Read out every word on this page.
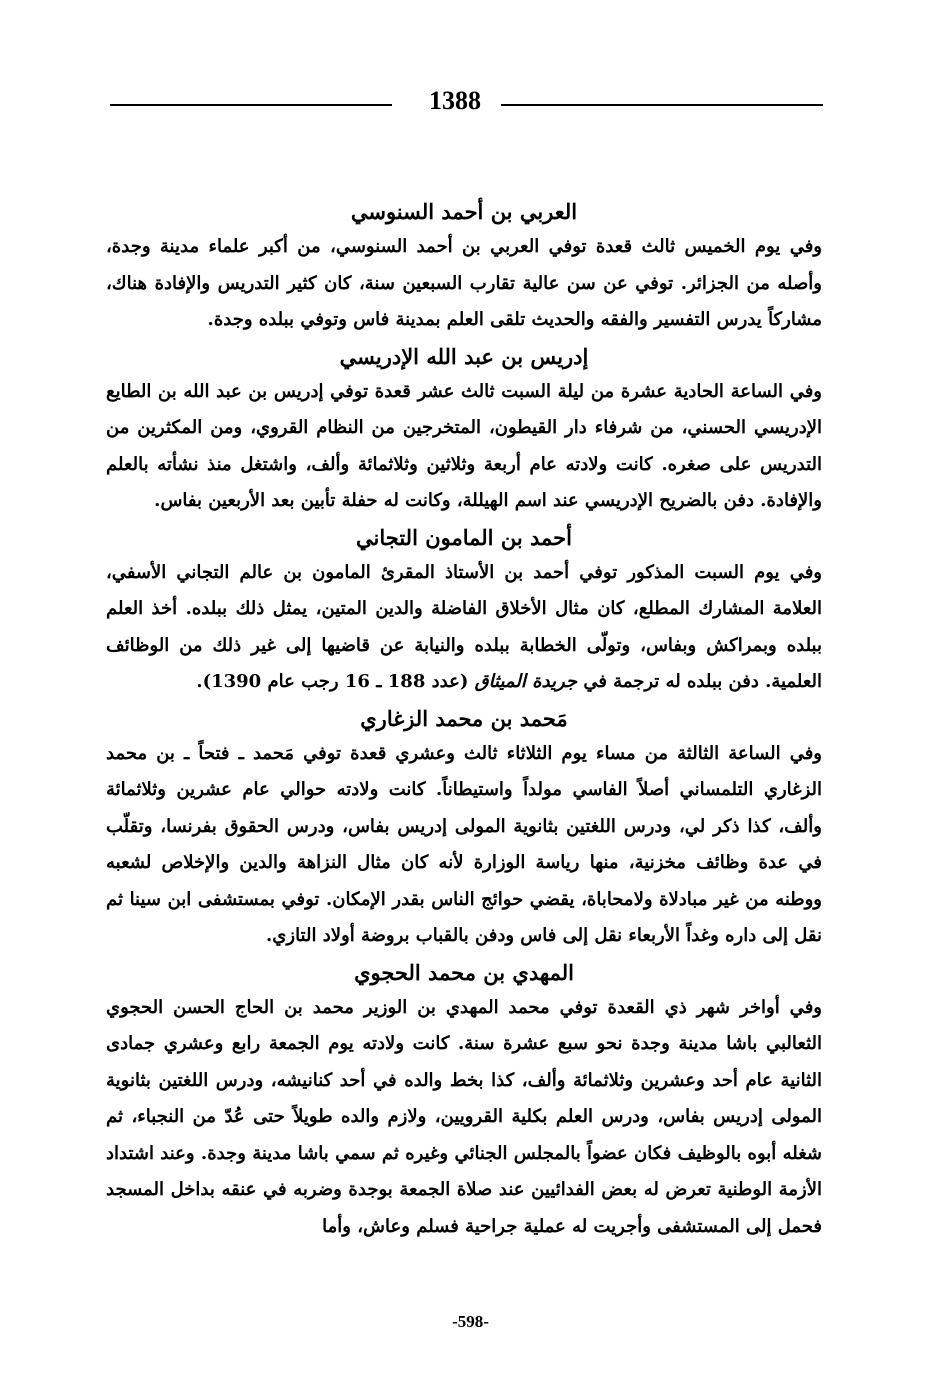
1388
العربي بن أحمد السنوسي

وفي يوم الخميس ثالث قعدة توفي العربي بن أحمد السنوسي، من أكبر علماء مدينة وجدة، وأصله من الجزائر. توفي عن سن عالية تقارب السبعين سنة، كان كثير التدريس والإفادة هناك، مشاركاً يدرس التفسير والفقه والحديث تلقى العلم بمدينة فاس وتوفي ببلده وجدة.

إدريس بن عبد الله الإدريسي

وفي الساعة الحادية عشرة من ليلة السبت ثالث عشر قعدة توفي إدريس بن عبد الله بن الطايع الإدريسي الحسني، من شرفاء دار القيطون، المتخرجين من النظام القروي، ومن المكثرين من التدريس على صغره. كانت ولادته عام أربعة وثلاثين وثلاثمائة وألف، واشتغل منذ نشأته بالعلم والإفادة. دفن بالضريح الإدريسي عند اسم الهيللة، وكانت له حفلة تأبين بعد الأربعين بفاس.

أحمد بن المامون التجاني

وفي يوم السبت المذكور توفي أحمد بن الأستاذ المقرئ المامون بن عالم التجاني الأسفي، العلامة المشارك المطلع، كان مثال الأخلاق الفاضلة والدين المتين، يمثل ذلك ببلده. أخذ العلم ببلده وبمراكش وبفاس، وتولّى الخطابة ببلده والنيابة عن قاضيها إلى غير ذلك من الوظائف العلمية. دفن ببلده له ترجمة في جريدة الميثاق (عدد 188 ـ 16 رجب عام 1390).

مَحمد بن محمد الزغاري

وفي الساعة الثالثة من مساء يوم الثلاثاء ثالث وعشري قعدة توفي مَحمد ـ فتحاً ـ بن محمد الزغاري التلمساني أصلاً الفاسي مولداً واستيطاناً. كانت ولادته حوالي عام عشرين وثلاثمائة وألف، كذا ذكر لي، ودرس اللغتين بثانوية المولى إدريس بفاس، ودرس الحقوق بفرنسا، وتقلّب في عدة وظائف مخزنية، منها رياسة الوزارة لأنه كان مثال النزاهة والدين والإخلاص لشعبه ووطنه من غير مبادلاة ولامحاباة، يقضي حوائج الناس بقدر الإمكان. توفي بمستشفى ابن سينا ثم نقل إلى داره وغداً الأربعاء نقل إلى فاس ودفن بالقباب بروضة أولاد التازي.

المهدي بن محمد الحجوي

وفي أواخر شهر ذي القعدة توفي محمد المهدي بن الوزير محمد بن الحاج الحسن الحجوي الثعالبي باشا مدينة وجدة نحو سبع عشرة سنة. كانت ولادته يوم الجمعة رابع وعشري جمادى الثانية عام أحد وعشرين وثلاثمائة وألف، كذا بخط والده في أحد كنانيشه، ودرس اللغتين بثانوية المولى إدريس بفاس، ودرس العلم بكلية القرويين، ولازم والده طويلاً حتى عُدّ من النجباء، ثم شغله أبوه بالوظيف فكان عضواً بالمجلس الجنائي وغيره ثم سمي باشا مدينة وجدة. وعند اشتداد الأزمة الوطنية تعرض له بعض الفدائيين عند صلاة الجمعة بوجدة وضربه في عنقه بداخل المسجد فحمل إلى المستشفى وأجريت له عملية جراحية فسلم وعاش، وأما

-598-
